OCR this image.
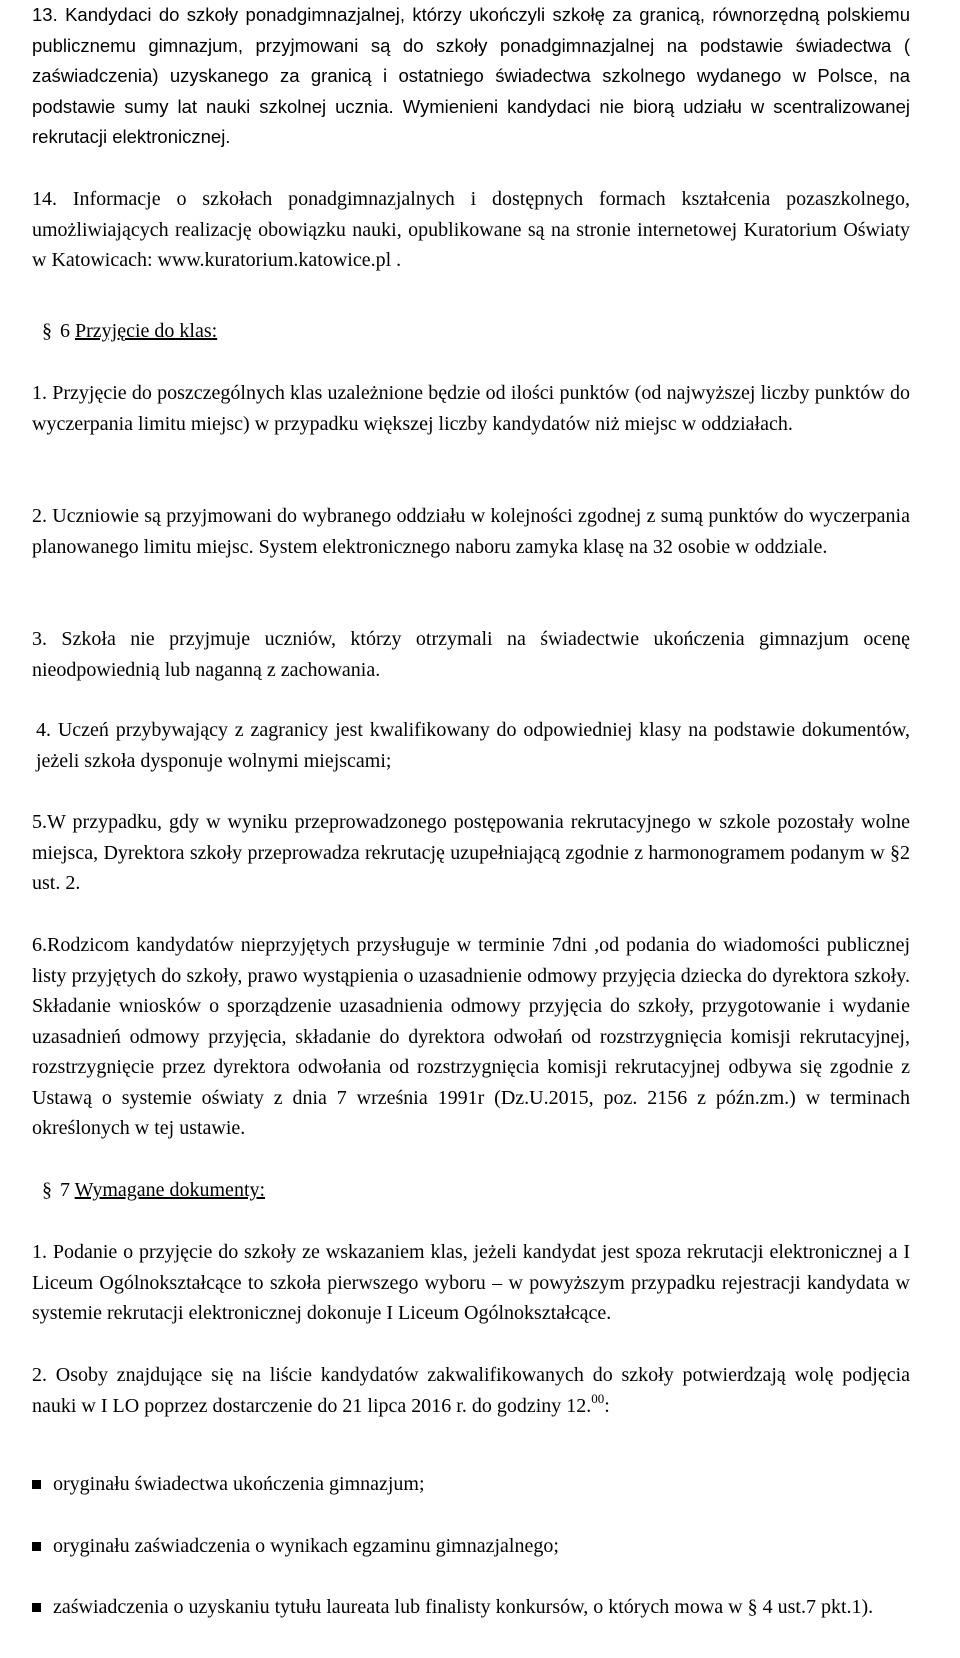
13. Kandydaci do szkoły ponadgimnazjalnej, którzy ukończyli szkołę za granicą, równorzędną polskiemu publicznemu gimnazjum, przyjmowani są do szkoły ponadgimnazjalnej na podstawie świadectwa ( zaświadczenia) uzyskanego za granicą i ostatniego świadectwa szkolnego wydanego w Polsce, na podstawie sumy lat nauki szkolnej ucznia. Wymienieni kandydaci nie biorą udziału w scentralizowanej rekrutacji elektronicznej.

14. Informacje o szkołach ponadgimnazjalnych i dostępnych formach kształcenia pozaszkolnego, umożliwiających realizację obowiązku nauki, opublikowane są na stronie internetowej Kuratorium Oświaty w Katowicach: www.kuratorium.katowice.pl .

§ 6 Przyjęcie do klas:

1. Przyjęcie do poszczególnych klas uzależnione będzie od ilości punktów (od najwyższej liczby punktów do wyczerpania limitu miejsc) w przypadku większej liczby kandydatów niż miejsc w oddziałach.

2. Uczniowie są przyjmowani do wybranego oddziału w kolejności zgodnej z sumą punktów do wyczerpania planowanego limitu miejsc. System elektronicznego naboru zamyka klasę na 32 osobie w oddziale.

3. Szkoła nie przyjmuje uczniów, którzy otrzymali na świadectwie ukończenia gimnazjum ocenę nieodpowiednią lub naganną z zachowania.

4. Uczeń przybywający z zagranicy jest kwalifikowany do odpowiedniej klasy na podstawie dokumentów, jeżeli szkoła dysponuje wolnymi miejscami;

5.W przypadku, gdy w wyniku przeprowadzonego postępowania rekrutacyjnego w szkole pozostały wolne miejsca, Dyrektora szkoły przeprowadza rekrutację uzupełniającą zgodnie z harmonogramem podanym w §2 ust. 2.

6.Rodzicom kandydatów nieprzyjętych przysługuje w terminie 7dni ,od podania do wiadomości publicznej listy przyjętych do szkoły, prawo wystąpienia o uzasadnienie odmowy przyjęcia dziecka do dyrektora szkoły. Składanie wniosków o sporządzenie uzasadnienia odmowy przyjęcia do szkoły, przygotowanie i wydanie uzasadnień odmowy przyjęcia, składanie do dyrektora odwołań od rozstrzygnięcia komisji rekrutacyjnej, rozstrzygnięcie przez dyrektora odwołania od rozstrzygnięcia komisji rekrutacyjnej odbywa się zgodnie z Ustawą o systemie oświaty z dnia 7 września 1991r (Dz.U.2015, poz. 2156 z późn.zm.) w terminach określonych w tej ustawie.

§ 7 Wymagane dokumenty:

1. Podanie o przyjęcie do szkoły ze wskazaniem klas, jeżeli kandydat jest spoza rekrutacji elektronicznej a I Liceum Ogólnokształcące to szkoła pierwszego wyboru – w powyższym przypadku rejestracji kandydata w systemie rekrutacji elektronicznej dokonuje I Liceum Ogólnokształcące.

2. Osoby znajdujące się na liście kandydatów zakwalifikowanych do szkoły potwierdzają wolę podjęcia nauki w I LO poprzez dostarczenie do 21 lipca 2016 r. do godziny 12.00:

oryginału świadectwa ukończenia gimnazjum;

oryginału zaświadczenia o wynikach egzaminu gimnazjalnego;

zaświadczenia o uzyskaniu tytułu laureata lub finalisty konkursów, o których mowa w § 4 ust.7 pkt.1).
